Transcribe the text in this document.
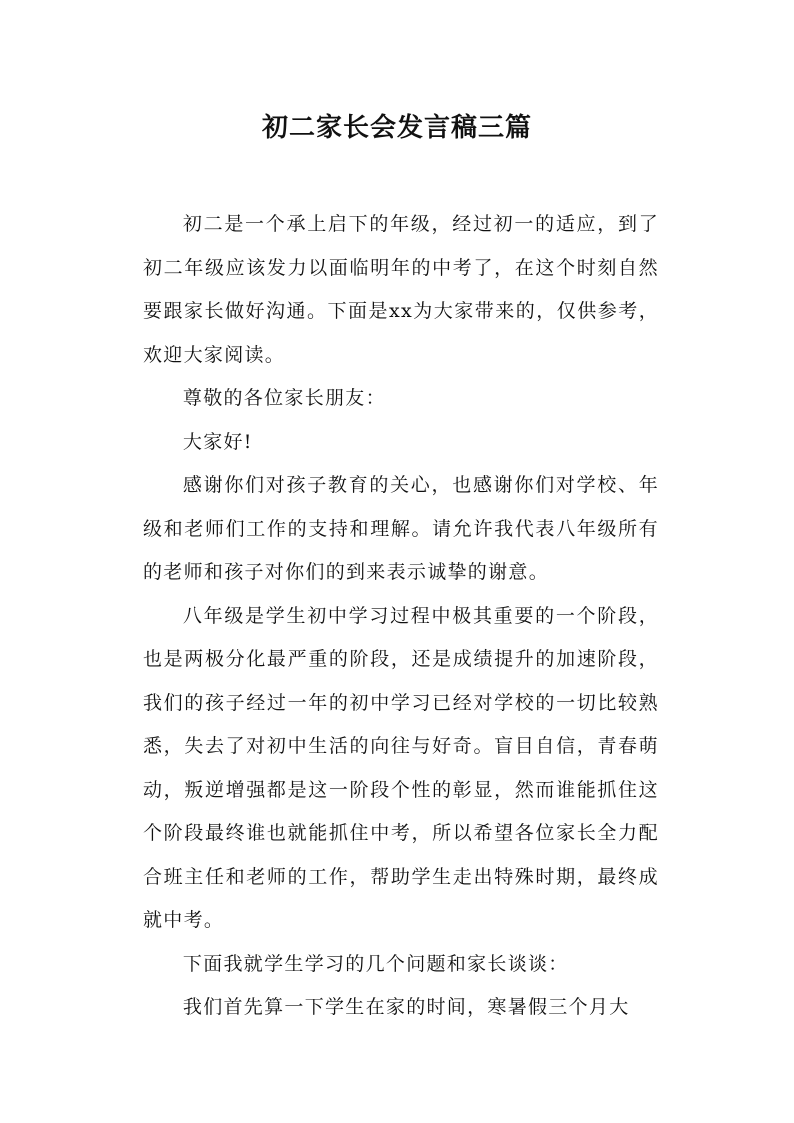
初二家长会发言稿三篇

初二是一个承上启下的年级，经过初一的适应，到了初二年级应该发力以面临明年的中考了，在这个时刻自然要跟家长做好沟通。下面是xx为大家带来的，仅供参考，欢迎大家阅读。

尊敬的各位家长朋友：

大家好!

感谢你们对孩子教育的关心，也感谢你们对学校、年级和老师们工作的支持和理解。请允许我代表八年级所有的老师和孩子对你们的到来表示诚挚的谢意。

八年级是学生初中学习过程中极其重要的一个阶段，也是两极分化最严重的阶段，还是成绩提升的加速阶段，我们的孩子经过一年的初中学习已经对学校的一切比较熟悉，失去了对初中生活的向往与好奇。盲目自信，青春萌动，叛逆增强都是这一阶段个性的彰显，然而谁能抓住这个阶段最终谁也就能抓住中考，所以希望各位家长全力配合班主任和老师的工作，帮助学生走出特殊时期，最终成就中考。

下面我就学生学习的几个问题和家长谈谈：

我们首先算一下学生在家的时间，寒暑假三个月大
